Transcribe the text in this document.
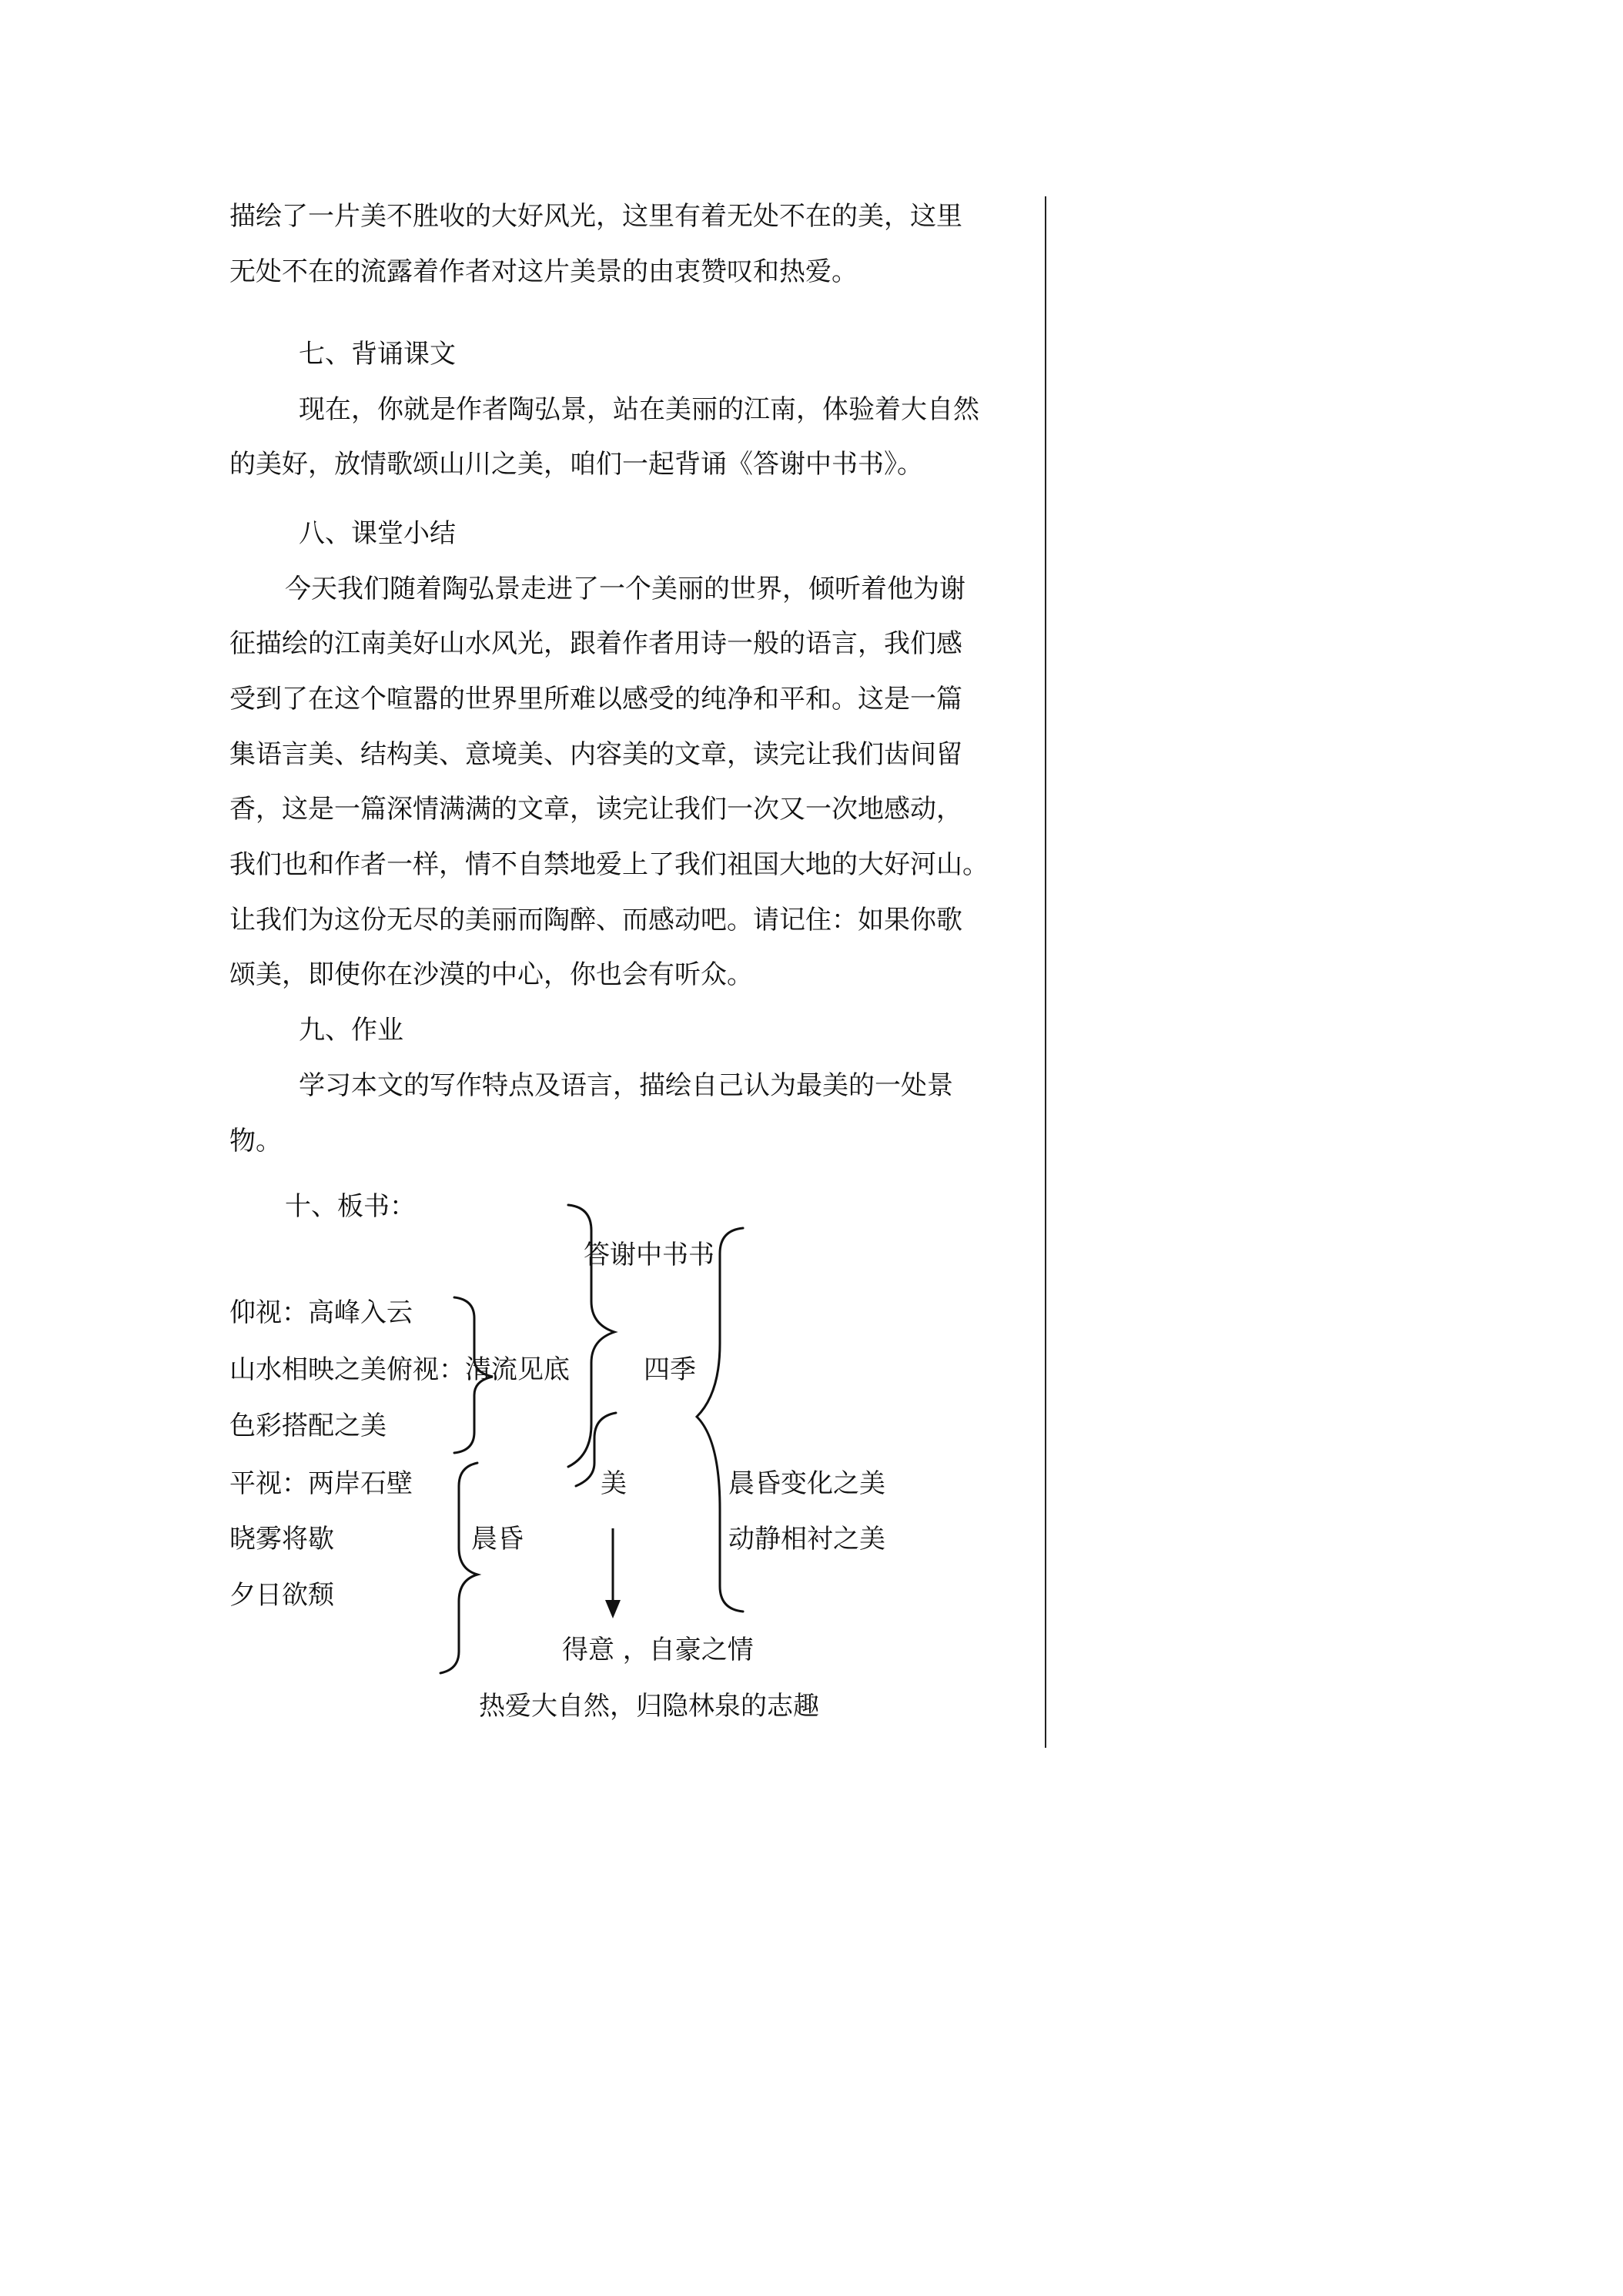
描绘了一片美不胜收的大好风光，这里有着无处不在的美，这里
无处不在的流露着作者对这片美景的由衷赞叹和热爱。
七、背诵课文
现在，你就是作者陶弘景，站在美丽的江南，体验着大自然
的美好，放情歌颂山川之美，咱们一起背诵《答谢中书书》。
八、课堂小结
今天我们随着陶弘景走进了一个美丽的世界，倾听着他为谢
征描绘的江南美好山水风光，跟着作者用诗一般的语言，我们感
受到了在这个喧嚣的世界里所难以感受的纯净和平和。这是一篇
集语言美、结构美、意境美、内容美的文章，读完让我们齿间留
香，这是一篇深情满满的文章，读完让我们一次又一次地感动，
我们也和作者一样，情不自禁地爱上了我们祖国大地的大好河山。
让我们为这份无尽的美丽而陶醉、而感动吧。请记住：如果你歌
颂美，即使你在沙漠的中心，你也会有听众。
九、作业
学习本文的写作特点及语言，描绘自己认为最美的一处景
物。
十、板书：
答谢中书书
仰视：高峰入云
山水相映之美俯视：清流见底	四季
色彩搭配之美
平视：两岸石壁	美	晨昏变化之美
晓雾将歇	晨昏	动静相衬之美
夕日欲颓
得意 ，自豪之情
热爱大自然，归隐林泉的志趣
